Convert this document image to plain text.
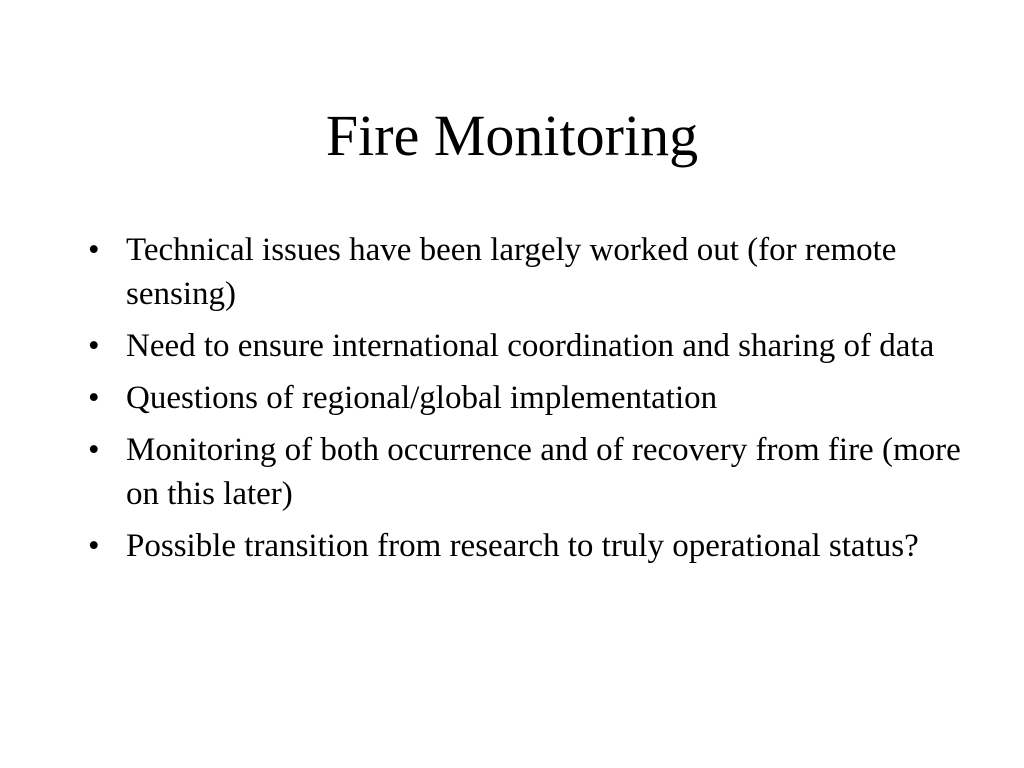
Fire Monitoring
• Technical issues have been largely worked out (for remote sensing)
• Need to ensure international coordination and sharing of data
• Questions of regional/global implementation
• Monitoring of both occurrence and of recovery from fire (more on this later)
• Possible transition from research to truly operational status?
